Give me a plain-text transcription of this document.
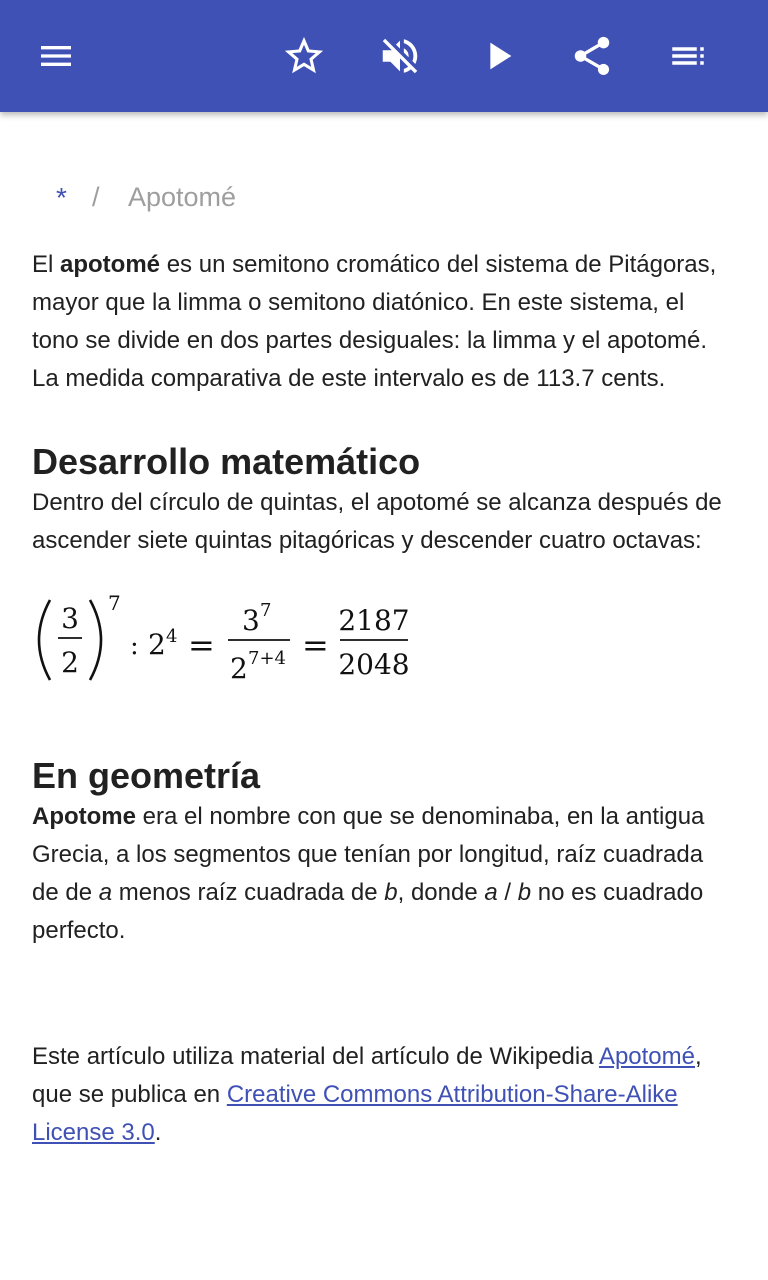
* / Apotomé

El apotomé es un semitono cromático del sistema de Pitágoras, mayor que la limma o semitono diatónico. En este sistema, el tono se divide en dos partes desiguales: la limma y el apotomé. La medida comparativa de este intervalo es de 113.7 cents.

Desarrollo matemático

Dentro del círculo de quintas, el apotomé se alcanza después de ascender siete quintas pitagóricas y descender cuatro octavas:

3
2
7
: 2 4 =
3 7
2 7+4 =
2187
2048
En geometría

Apotome era el nombre con que se denominaba, en la antigua Grecia, a los segmentos que tenían por longitud, raíz cuadrada de de a menos raíz cuadrada de b, donde a / b no es cuadrado perfecto.

Este artículo utiliza material del artículo de Wikipedia Apotomé, que se publica en Creative Commons Attribution-Share-Alike License 3.0.
